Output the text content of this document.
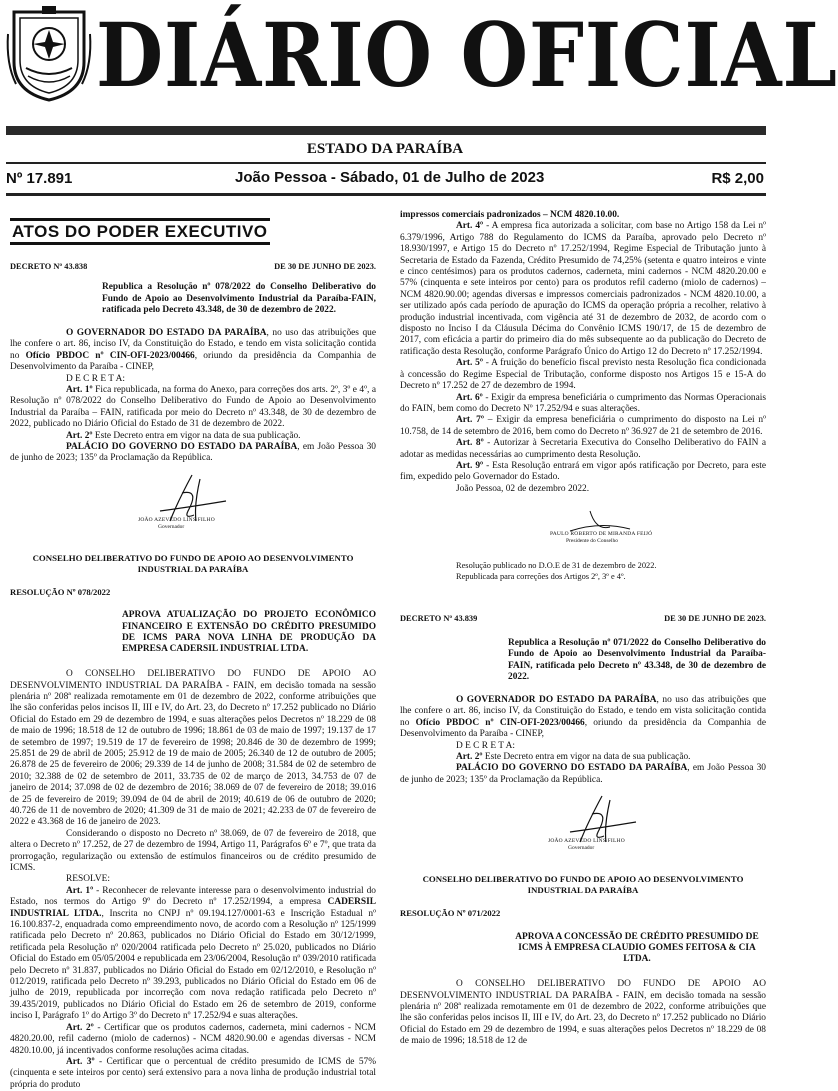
DIÁRIO OFICIAL
ESTADO DA PARAÍBA
Nº 17.891	João Pessoa - Sábado, 01 de Julho de 2023	R$ 2,00
ATOS DO PODER EXECUTIVO
DECRETO Nº 43.838	DE 30 DE JUNHO DE 2023.
Republica a Resolução nº 078/2022 do Conselho Deliberativo do Fundo de Apoio ao Desenvolvimento Industrial da Paraíba-FAIN, ratificada pelo Decreto 43.348, de 30 de dezembro de 2022.

O GOVERNADOR DO ESTADO DA PARAÍBA, no uso das atribuições que lhe confere o art. 86, inciso IV, da Constituição do Estado, e tendo em vista solicitação contida no Ofício PBDOC nº CIN-OFI-2023/00466, oriundo da presidência da Companhia de Desenvolvimento da Paraíba - CINEP,

D E C R E T A:

Art. 1º Fica republicada, na forma do Anexo, para correções dos arts. 2º, 3º e 4º, a Resolução nº 078/2022 do Conselho Deliberativo do Fundo de Apoio ao Desenvolvimento Industrial da Paraíba – FAIN, ratificada por meio do Decreto nº 43.348, de 30 de dezembro de 2022, publicado no Diário Oficial do Estado de 31 de dezembro de 2022.

Art. 2º Este Decreto entra em vigor na data de sua publicação.

PALÁCIO DO GOVERNO DO ESTADO DA PARAÍBA, em João Pessoa 30 de junho de 2023; 135º da Proclamação da República.

JOÃO AZEVÊDO LINS FILHO
Governador
CONSELHO DELIBERATIVO DO FUNDO DE APOIO AO DESENVOLVIMENTO INDUSTRIAL DA PARAÍBA
RESOLUÇÃO Nº 078/2022
APROVA ATUALIZAÇÃO DO PROJETO ECONÔMICO FINANCEIRO E EXTENSÃO DO CRÉDITO PRESUMIDO DE ICMS PARA NOVA LINHA DE PRODUÇÃO DA EMPRESA CADERSIL INDUSTRIAL LTDA.

O CONSELHO DELIBERATIVO DO FUNDO DE APOIO AO DESENVOLVIMENTO INDUSTRIAL DA PARAÍBA - FAIN, em decisão tomada na sessão plenária nº 208ª realizada remotamente em 01 de dezembro de 2022, conforme atribuições que lhe são conferidas pelos incisos II, III e IV, do Art. 23, do Decreto nº 17.252 publicado no Diário Oficial do Estado em 29 de dezembro de 1994, e suas alterações pelos Decretos nº 18.229 de 08 de maio de 1996; 18.518 de 12 de outubro de 1996; 18.861 de 03 de maio de 1997; 19.137 de 17 de setembro de 1997; 19.519 de 17 de fevereiro de 1998; 20.846 de 30 de dezembro de 1999; 25.851 de 29 de abril de 2005; 25.912 de 19 de maio de 2005; 26.340 de 12 de outubro de 2005; 26.878 de 25 de fevereiro de 2006; 29.339 de 14 de junho de 2008; 31.584 de 02 de setembro de 2010; 32.388 de 02 de setembro de 2011, 33.735 de 02 de março de 2013, 34.753 de 07 de janeiro de 2014; 37.098 de 02 de dezembro de 2016; 38.069 de 07 de fevereiro de 2018; 39.016 de 25 de fevereiro de 2019; 39.094 de 04 de abril de 2019; 40.619 de 06 de outubro de 2020; 40.726 de 11 de novembro de 2020; 41.309 de 31 de maio de 2021; 42.233 de 07 de fevereiro de 2022 e 43.368 de 16 de janeiro de 2023.

Considerando o disposto no Decreto nº 38.069, de 07 de fevereiro de 2018, que altera o Decreto nº 17.252, de 27 de dezembro de 1994, Artigo 11, Parágrafos 6º e 7º, que trata da prorrogação, regularização ou extensão de estímulos financeiros ou de crédito presumido de ICMS.

RESOLVE:

Art. 1º - Reconhecer de relevante interesse para o desenvolvimento industrial do Estado, nos termos do Artigo 9º do Decreto nº 17.252/1994, a empresa CADERSIL INDUSTRIAL LTDA., Inscrita no CNPJ nº 09.194.127/0001-63 e Inscrição Estadual nº 16.100.837-2, enquadrada como empreendimento novo, de acordo com a Resolução nº 125/1999 ratificada pelo Decreto nº 20.863, publicados no Diário Oficial do Estado em 30/12/1999, retificada pela Resolução nº 020/2004 ratificada pelo Decreto nº 25.020, publicados no Diário Oficial do Estado em 05/05/2004 e republicada em 23/06/2004, Resolução nº 039/2010 ratificada pelo Decreto nº 31.837, publicados no Diário Oficial do Estado em 02/12/2010, e Resolução nº 012/2019, ratificada pelo Decreto nº 39.293, publicados no Diário Oficial do Estado em 06 de julho de 2019, republicada por incorreção com nova redação ratificada pelo Decreto nº 39.435/2019, publicados no Diário Oficial do Estado em 26 de setembro de 2019, conforme inciso I, Parágrafo 1º do Artigo 3º do Decreto nº 17.252/94 e suas alterações.

Art. 2º - Certificar que os produtos cadernos, caderneta, mini cadernos - NCM 4820.20.00, refil caderno (miolo de cadernos) - NCM 4820.90.00 e agendas diversas - NCM 4820.10.00, já incentivados conforme resoluções acima citadas.

Art. 3º - Certificar que o percentual de crédito presumido de ICMS de 57% (cinquenta e sete inteiros por cento) será extensivo para a nova linha de produção industrial total própria do produto

impressos comerciais padronizados – NCM 4820.10.00.

Art. 4º - A empresa fica autorizada a solicitar, com base no Artigo 158 da Lei nº 6.379/1996, Artigo 788 do Regulamento do ICMS da Paraíba, aprovado pelo Decreto nº 18.930/1997, e Artigo 15 do Decreto nº 17.252/1994, Regime Especial de Tributação junto à Secretaria de Estado da Fazenda, Crédito Presumido de 74,25% (setenta e quatro inteiros e vinte e cinco centésimos) para os produtos cadernos, caderneta, mini cadernos - NCM 4820.20.00 e 57% (cinquenta e sete inteiros por cento) para os produtos refil caderno (miolo de cadernos) – NCM 4820.90.00; agendas diversas e impressos comerciais padronizados - NCM 4820.10.00, a ser utilizado após cada período de apuração do ICMS da operação própria a recolher, relativo à produção industrial incentivada, com vigência até 31 de dezembro de 2032, de acordo com o disposto no Inciso I da Cláusula Décima do Convênio ICMS 190/17, de 15 de dezembro de 2017, com eficácia a partir do primeiro dia do mês subsequente ao da publicação do Decreto de ratificação desta Resolução, conforme Parágrafo Único do Artigo 12 do Decreto nº 17.252/1994.

Art. 5º - A fruição do benefício fiscal previsto nesta Resolução fica condicionada à concessão do Regime Especial de Tributação, conforme disposto nos Artigos 15 e 15-A do Decreto nº 17.252 de 27 de dezembro de 1994.

Art. 6º - Exigir da empresa beneficiária o cumprimento das Normas Operacionais do FAIN, bem como do Decreto Nº 17.252/94 e suas alterações.

Art. 7º – Exigir da empresa beneficiária o cumprimento do disposto na Lei nº 10.758, de 14 de setembro de 2016, bem como do Decreto nº 36.927 de 21 de setembro de 2016.

Art. 8º - Autorizar à Secretaria Executiva do Conselho Deliberativo do FAIN a adotar as medidas necessárias ao cumprimento desta Resolução.

Art. 9º - Esta Resolução entrará em vigor após ratificação por Decreto, para este fim, expedido pelo Governador do Estado.

João Pessoa, 02 de dezembro 2022.

PAULO ROBERTO DE MIRANDA FEIJÓ
Presidente do Conselho

Resolução publicado no D.O.E de 31 de dezembro de 2022.

Republicada para correções dos Artigos 2º, 3º e 4º.

DECRETO Nº 43.839	DE 30 DE JUNHO DE 2023.
Republica a Resolução nº 071/2022 do Conselho Deliberativo do Fundo de Apoio ao Desenvolvimento Industrial da Paraíba-FAIN, ratificada pelo Decreto nº 43.348, de 30 de dezembro de 2022.

O GOVERNADOR DO ESTADO DA PARAÍBA, no uso das atribuições que lhe confere o art. 86, inciso IV, da Constituição do Estado, e tendo em vista solicitação contida no Ofício PBDOC nº CIN-OFI-2023/00466, oriundo da presidência da Companhia de Desenvolvimento da Paraíba - CINEP,

D E C R E T A:

Art. 2º Este Decreto entra em vigor na data de sua publicação.

PALÁCIO DO GOVERNO DO ESTADO DA PARAÍBA, em João Pessoa 30 de junho de 2023; 135º da Proclamação da República.

JOÃO AZEVÊDO LINS FILHO
Governador
CONSELHO DELIBERATIVO DO FUNDO DE APOIO AO DESENVOLVIMENTO INDUSTRIAL DA PARAÍBA
RESOLUÇÃO Nº 071/2022
APROVA A CONCESSÃO DE CRÉDITO PRESUMIDO DE ICMS À EMPRESA CLAUDIO GOMES FEITOSA & CIA LTDA.

O CONSELHO DELIBERATIVO DO FUNDO DE APOIO AO DESENVOLVIMENTO INDUSTRIAL DA PARAÍBA - FAIN, em decisão tomada na sessão plenária nº 208ª realizada remotamente em 01 de dezembro de 2022, conforme atribuições que lhe são conferidas pelos incisos II, III e IV, do Art. 23, do Decreto nº 17.252 publicado no Diário Oficial do Estado em 29 de dezembro de 1994, e suas alterações pelos Decretos nº 18.229 de 08 de maio de 1996; 18.518 de 12 de
